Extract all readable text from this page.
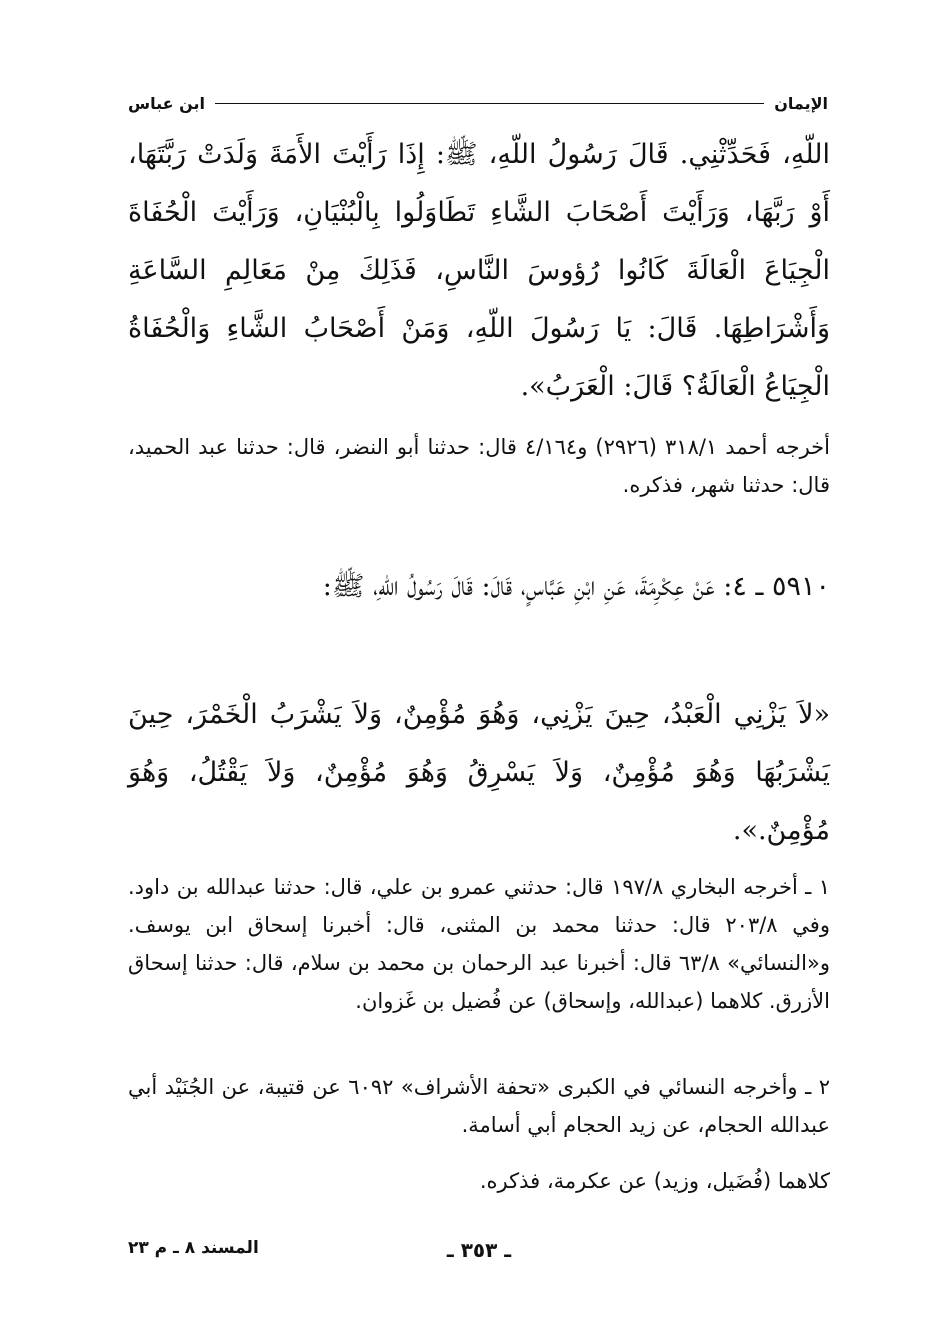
الإيمان
ابن عباس
اللّهِ، فَحَدِّثْنِي. قَالَ رَسُولُ اللّهِ، ﷺ: إِذَا رَأَيْتَ الأَمَةَ وَلَدَتْ رَبَّتَهَا، أَوْ رَبَّهَا، وَرَأَيْتَ أَصْحَابَ الشَّاءِ تَطَاوَلُوا بِالْبُنْيَانِ، وَرَأَيْتَ الْحُفَاةَ الْجِيَاعَ الْعَالَةَ كَانُوا رُؤوسَ النَّاسِ، فَذَلِكَ مِنْ مَعَالِمِ السَّاعَةِ وَأَشْرَاطِهَا. قَالَ: يَا رَسُولَ اللّهِ، وَمَنْ أَصْحَابُ الشَّاءِ وَالْحُفَاةُ الْجِيَاعُ الْعَالَةُ؟ قَالَ: الْعَرَبُ».
أخرجه أحمد ٣١٨/١ (٢٩٢٦) و٤/١٦٤ قال: حدثنا أبو النضر، قال: حدثنا عبد الحميد، قال: حدثنا شهر، فذكره.
٥٩١٠ ـ ٤: عَنْ عِكْرِمَةَ، عَنِ ابْنِ عَبَّاسٍ، قَالَ: قَالَ رَسُولُ اللّهِ، ﷺ:
«لاَ يَزْنِي الْعَبْدُ، حِينَ يَزْنِي، وَهُوَ مُؤْمِنٌ، وَلاَ يَشْرَبُ الْخَمْرَ، حِينَ يَشْرَبُهَا وَهُوَ مُؤْمِنٌ، وَلاَ يَسْرِقُ وَهُوَ مُؤْمِنٌ، وَلاَ يَقْتُلُ، وَهُوَ مُؤْمِنٌ.».
١ ـ أخرجه البخاري ١٩٧/٨ قال: حدثني عمرو بن علي، قال: حدثنا عبدالله بن داود. وفي ٢٠٣/٨ قال: حدثنا محمد بن المثنى، قال: أخبرنا إسحاق ابن يوسف. و«النسائي» ٦٣/٨ قال: أخبرنا عبد الرحمان بن محمد بن سلام، قال: حدثنا إسحاق الأزرق. كلاهما (عبدالله، وإسحاق) عن فُضيل بن غَزوان.
٢ ـ وأخرجه النسائي في الكبرى «تحفة الأشراف» ٦٠٩٢ عن قتيبة، عن الجُنَيْد أبي عبدالله الحجام، عن زيد الحجام أبي أسامة.
كلاهما (فُضَيل، وزيد) عن عكرمة، فذكره.
ـ ٣٥٣ ـ
المسند ٨ ـ م ٢٣
